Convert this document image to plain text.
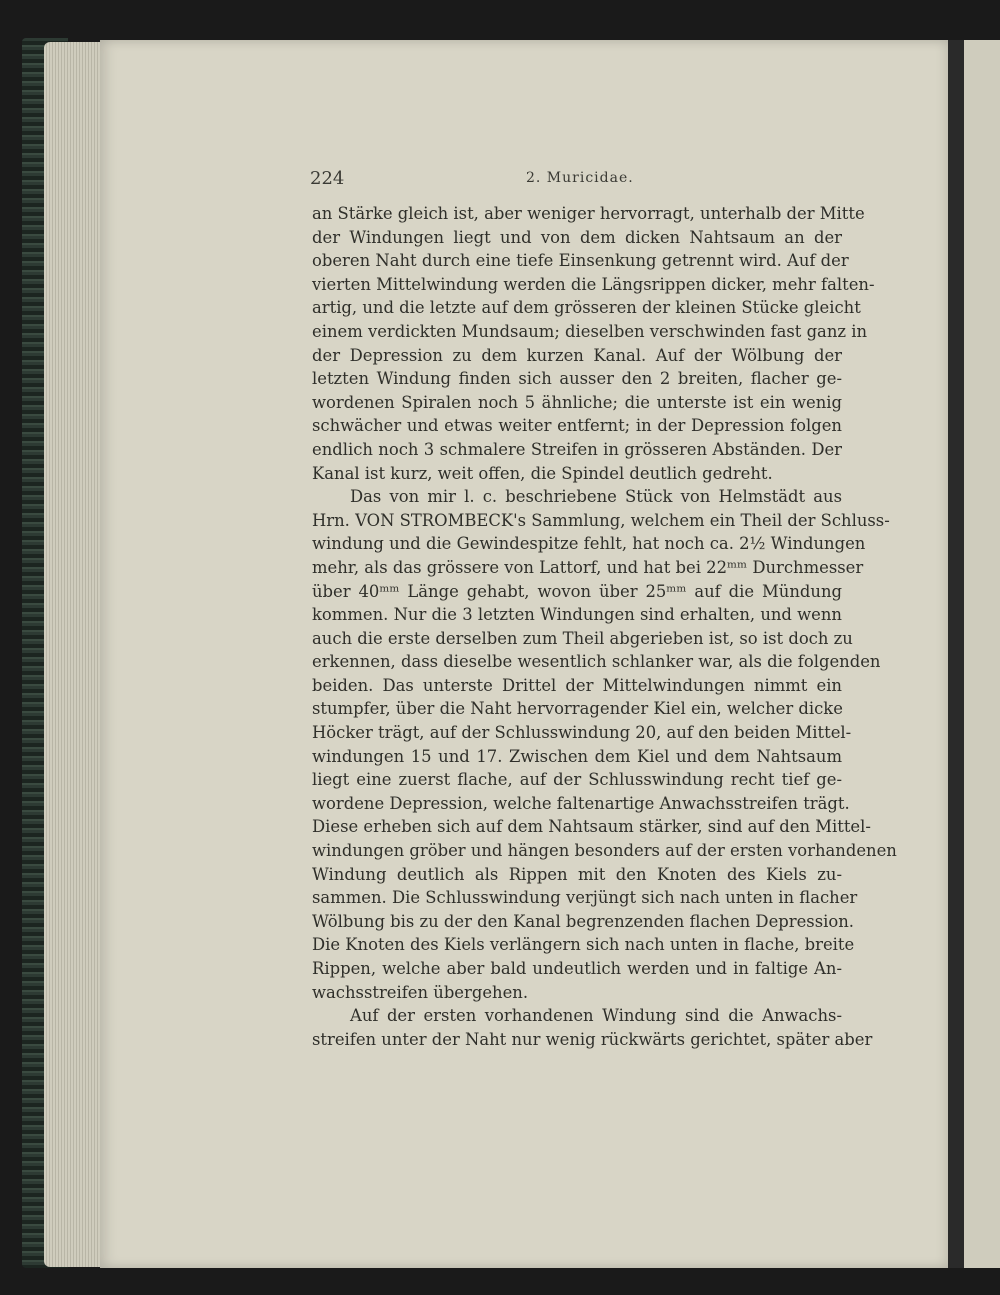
224	2. Muricidae.
an Stärke gleich ist, aber weniger hervorragt, unterhalb der Mitte
der Windungen liegt und von dem dicken Nahtsaum an der
oberen Naht durch eine tiefe Einsenkung getrennt wird. Auf der
vierten Mittelwindung werden die Längsrippen dicker, mehr falten-
artig, und die letzte auf dem grösseren der kleinen Stücke gleicht
einem verdickten Mundsaum; dieselben verschwinden fast ganz in
der Depression zu dem kurzen Kanal. Auf der Wölbung der
letzten Windung finden sich ausser den 2 breiten, flacher ge-
wordenen Spiralen noch 5 ähnliche; die unterste ist ein wenig
schwächer und etwas weiter entfernt; in der Depression folgen
endlich noch 3 schmalere Streifen in grösseren Abständen. Der
Kanal ist kurz, weit offen, die Spindel deutlich gedreht.
Das von mir l. c. beschriebene Stück von Helmstädt aus
Hrn. VON STROMBECK's Sammlung, welchem ein Theil der Schluss-
windung und die Gewindespitze fehlt, hat noch ca. 2½ Windungen
mehr, als das grössere von Lattorf, und hat bei 22ᵐᵐ Durchmesser
über 40ᵐᵐ Länge gehabt, wovon über 25ᵐᵐ auf die Mündung
kommen. Nur die 3 letzten Windungen sind erhalten, und wenn
auch die erste derselben zum Theil abgerieben ist, so ist doch zu
erkennen, dass dieselbe wesentlich schlanker war, als die folgenden
beiden. Das unterste Drittel der Mittelwindungen nimmt ein
stumpfer, über die Naht hervorragender Kiel ein, welcher dicke
Höcker trägt, auf der Schlusswindung 20, auf den beiden Mittel-
windungen 15 und 17. Zwischen dem Kiel und dem Nahtsaum
liegt eine zuerst flache, auf der Schlusswindung recht tief ge-
wordene Depression, welche faltenartige Anwachsstreifen trägt.
Diese erheben sich auf dem Nahtsaum stärker, sind auf den Mittel-
windungen gröber und hängen besonders auf der ersten vorhandenen
Windung deutlich als Rippen mit den Knoten des Kiels zu-
sammen. Die Schlusswindung verjüngt sich nach unten in flacher
Wölbung bis zu der den Kanal begrenzenden flachen Depression.
Die Knoten des Kiels verlängern sich nach unten in flache, breite
Rippen, welche aber bald undeutlich werden und in faltige An-
wachsstreifen übergehen.
Auf der ersten vorhandenen Windung sind die Anwachs-
streifen unter der Naht nur wenig rückwärts gerichtet, später aber
